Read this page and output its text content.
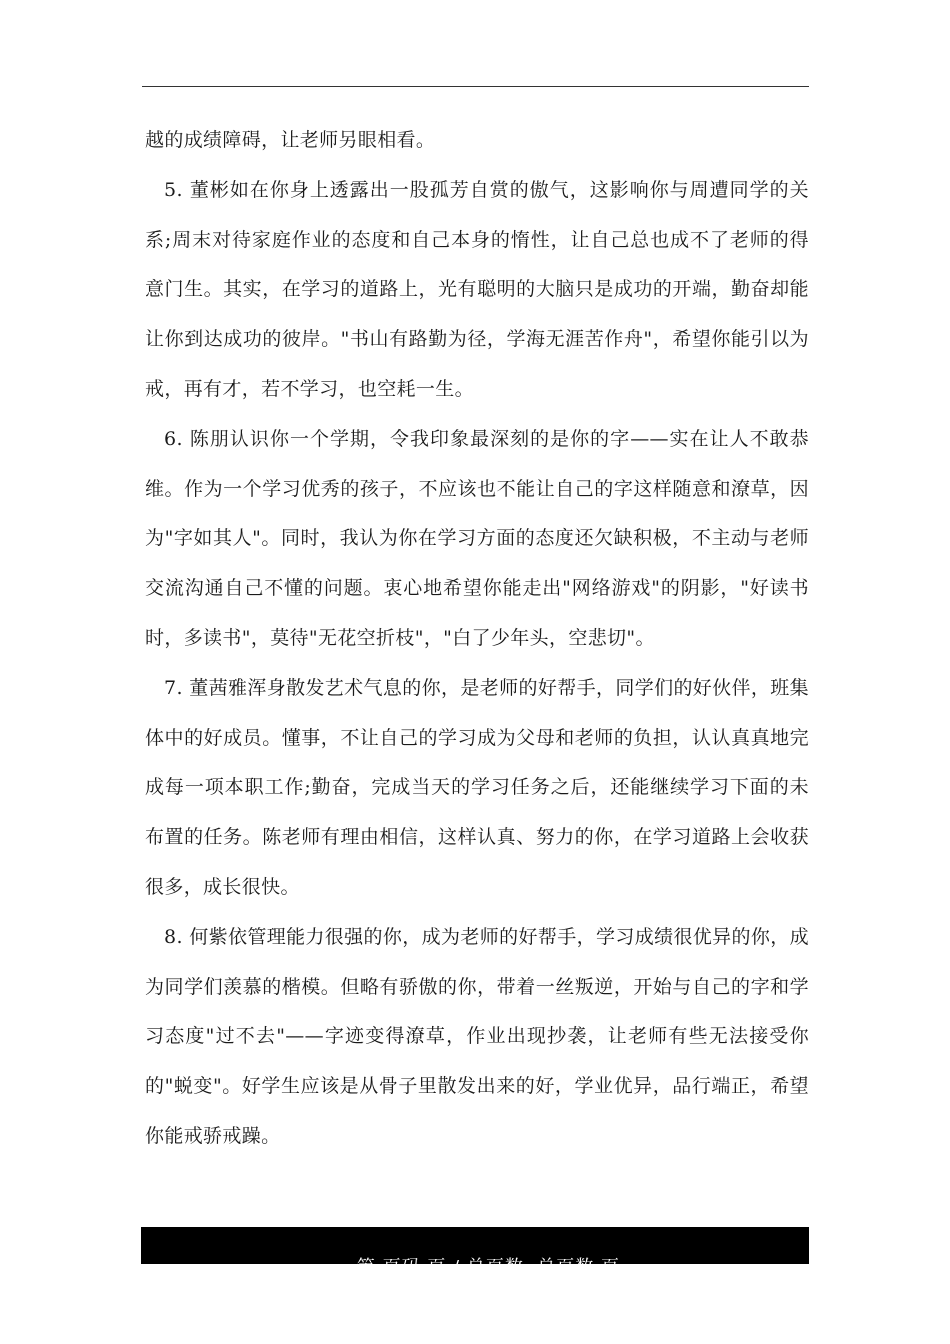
越的成绩障碍，让老师另眼相看。

5. 董彬如在你身上透露出一股孤芳自赏的傲气，这影响你与周遭同学的关系;周末对待家庭作业的态度和自己本身的惰性，让自己总也成不了老师的得意门生。其实，在学习的道路上，光有聪明的大脑只是成功的开端，勤奋却能让你到达成功的彼岸。"书山有路勤为径，学海无涯苦作舟"，希望你能引以为戒，再有才，若不学习，也空耗一生。

6. 陈朋认识你一个学期，令我印象最深刻的是你的字——实在让人不敢恭维。作为一个学习优秀的孩子，不应该也不能让自己的字这样随意和潦草，因为"字如其人"。同时，我认为你在学习方面的态度还欠缺积极，不主动与老师交流沟通自己不懂的问题。衷心地希望你能走出"网络游戏"的阴影，"好读书时，多读书"，莫待"无花空折枝"，"白了少年头，空悲切"。

7. 董茜雅浑身散发艺术气息的你，是老师的好帮手，同学们的好伙伴，班集体中的好成员。懂事，不让自己的学习成为父母和老师的负担，认认真真地完成每一项本职工作;勤奋，完成当天的学习任务之后，还能继续学习下面的未布置的任务。陈老师有理由相信，这样认真、努力的你，在学习道路上会收获很多，成长很快。

8. 何紫依管理能力很强的你，成为老师的好帮手，学习成绩很优异的你，成为同学们羡慕的楷模。但略有骄傲的你，带着一丝叛逆，开始与自己的字和学习态度"过不去"——字迹变得潦草，作业出现抄袭，让老师有些无法接受你的"蜕变"。好学生应该是从骨子里散发出来的好，学业优异，品行端正，希望你能戒骄戒躁。

第 页码 页 / 总页数  总页数 页
